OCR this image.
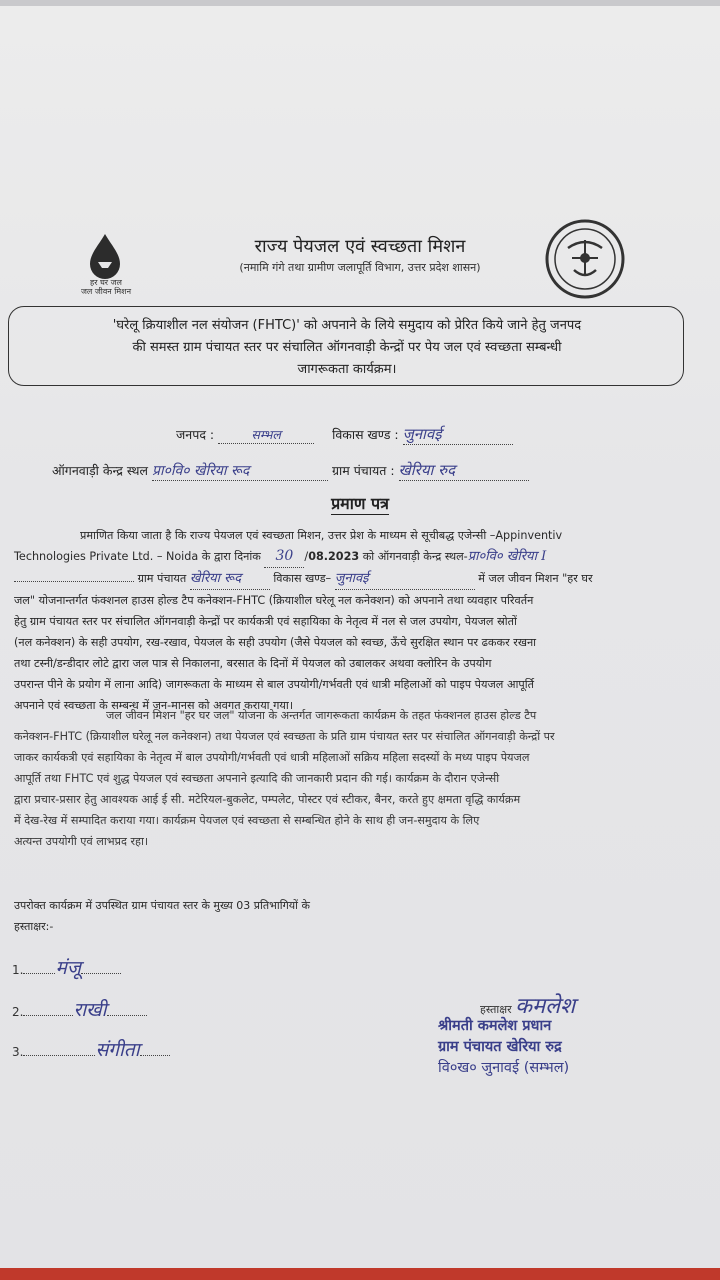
हर घर जल
जल जीवन मिशन
राज्य पेयजल एवं स्वच्छता मिशन
(नमामि गंगे तथा ग्रामीण जलापूर्ति विभाग, उत्तर प्रदेश शासन)
'घरेलू क्रियाशील नल संयोजन (FHTC)' को अपनाने के लिये समुदाय को प्रेरित किये जाने हेतु जनपद
की समस्त ग्राम पंचायत स्तर पर संचालित ऑगनवाड़ी केन्द्रों पर पेय जल एवं स्वच्छता सम्बन्धी
जागरूकता कार्यक्रम।
जनपद :	सम्भल	विकास खण्ड : जुनावई
ऑगनवाड़ी केन्द्र स्थल प्रा०वि० खेरिया रूद	ग्राम पंचायत : खेरिया रुद
प्रमाण पत्र
प्रमाणित किया जाता है कि राज्य पेयजल एवं स्वच्छता मिशन, उत्तर प्रेश के माध्यम से सूचीबद्ध एजेन्सी –Appinventiv
Technologies Private Ltd. – Noida के द्वारा दिनांक 30 /08.2023 को ऑगनवाड़ी केन्द्र स्थल-प्रा०वि० खेरिया I
ग्राम पंचायत खेरिया रूद	विकास खण्ड– जुनावई	में जल जीवन मिशन "हर घर
जल" योजनान्तर्गत फंक्शनल हाउस होल्ड टैप कनेक्शन-FHTC (क्रियाशील घरेलू नल कनेक्शन) को अपनाने तथा व्यवहार परिवर्तन
हेतु ग्राम पंचायत स्तर पर संचालित ऑगनवाड़ी केन्द्रों पर कार्यकत्री एवं सहायिका के नेतृत्व में नल से जल उपयोग, पेयजल स्रोतों
(नल कनेक्शन) के सही उपयोग, रख-रखाव, पेयजल के सही उपयोग (जैसे पेयजल को स्वच्छ, ऊँचे सुरक्षित स्थान पर ढककर रखना
तथा टस्नी/डन्डीदार लोटे द्वारा जल पात्र से निकालना, बरसात के दिनों में पेयजल को उबालकर अथवा क्लोरिन के उपयोग
उपरान्त पीने के प्रयोग में लाना आदि) जागरूकता के माध्यम से बाल उपयोगी/गर्भवती एवं धात्री महिलाओं को पाइप पेयजल आपूर्ति
अपनाने एवं स्वच्छता के सम्बन्ध में जन-मानस को अवगत कराया गया।
जल जीवन मिशन "हर घर जल" योजना के अन्तर्गत जागरूकता कार्यक्रम के तहत फंक्शनल हाउस होल्ड टैप
कनेक्शन-FHTC (क्रियाशील घरेलू नल कनेक्शन) तथा पेयजल एवं स्वच्छता के प्रति ग्राम पंचायत स्तर पर संचालित ऑगनवाड़ी केन्द्रों पर
जाकर कार्यकत्री एवं सहायिका के नेतृत्व में बाल उपयोगी/गर्भवती एवं धात्री महिलाओं सक्रिय महिला सदस्यों के मध्य पाइप पेयजल
आपूर्ति तथा FHTC एवं शुद्ध पेयजल एवं स्वच्छता अपनाने इत्यादि की जानकारी प्रदान की गई। कार्यक्रम के दौरान एजेन्सी
द्वारा प्रचार-प्रसार हेतु आवश्यक आई ई सी. मटेरियल-बुकलेट, पम्पलेट, पोस्टर एवं स्टीकर, बैनर, करते हुए क्षमता वृद्धि कार्यक्रम
में देख-रेख में सम्पादित कराया गया। कार्यक्रम पेयजल एवं स्वच्छता से सम्बन्धित होने के साथ ही जन-समुदाय के लिए
अत्यन्त उपयोगी एवं लाभप्रद रहा।
उपरोक्त कार्यक्रम में उपस्थित ग्राम पंचायत स्तर के मुख्य 03 प्रतिभागियों के
हस्ताक्षर:-
1. मंजू
2.	राखी
3.	संगीता
हस्ताक्षर कमलेश
श्रीमती कमलेश प्रधान
ग्राम पंचायत खेरिया रुद्र
वि०ख० जुनावई (सम्भल)
